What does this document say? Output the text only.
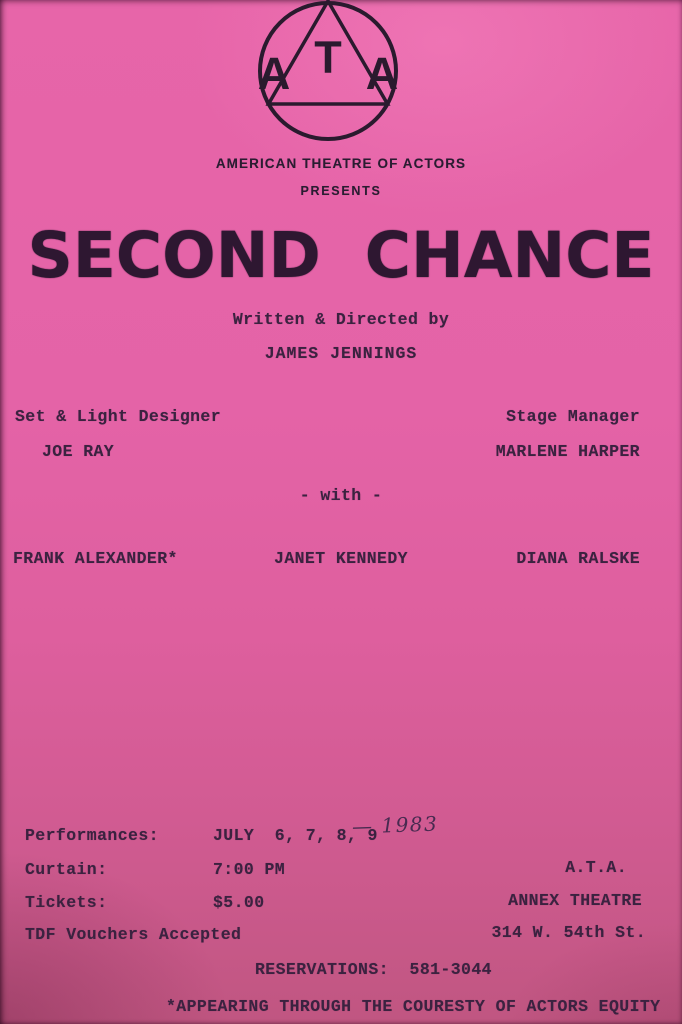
T
A A
AMERICAN THEATRE OF ACTORS
PRESENTS
SECOND CHANCE
Written & Directed by
JAMES JENNINGS
Set & Light Designer	Stage Manager
JOE RAY	MARLENE HARPER
- with -
FRANK ALEXANDER*	JANET KENNEDY	DIANA RALSKE
Performances:	JULY  6, 7, 8, 9
— 1983
Curtain:	7:00 PM	A.T.A.
Tickets:	$5.00	ANNEX THEATRE
TDF Vouchers Accepted	314 W. 54th St.
RESERVATIONS:  581-3044
*APPEARING THROUGH THE COURESTY OF ACTORS EQUITY
